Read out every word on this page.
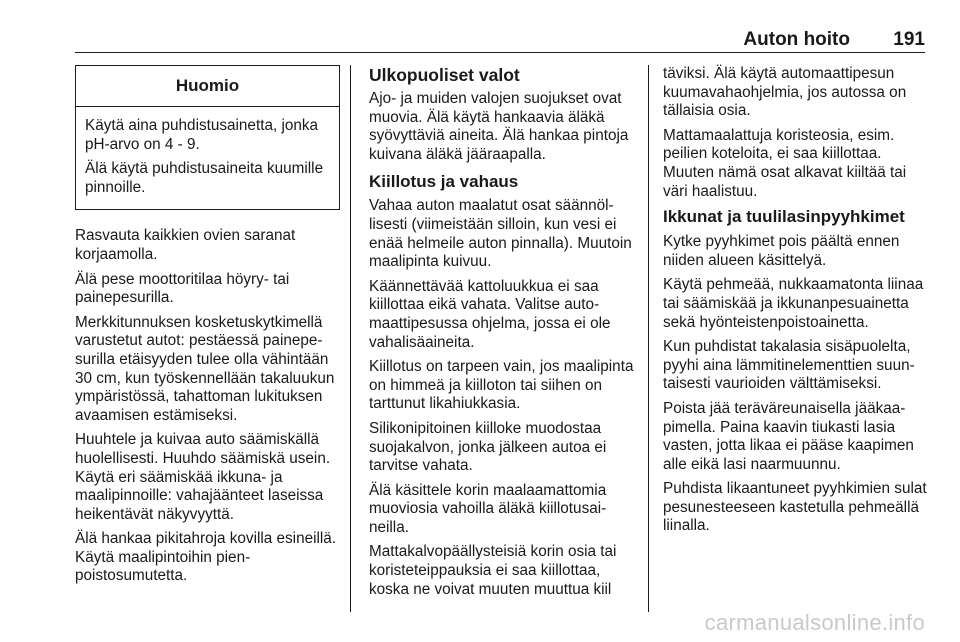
Auton hoito 191
Huomio

Käytä aina puhdistusainetta, jonka pH-arvo on 4 - 9.

Älä käytä puhdistusaineita kuumille pinnoille.

Rasvauta kaikkien ovien saranat korjaamolla.

Älä pese moottoritilaa höyry- tai painepesurilla.

Merkkitunnuksen kosketuskytkimellä varustetut autot: pestäessä painepesurilla etäisyyden tulee olla vähintään 30 cm, kun työskennellään takaluukun ympäristössä, tahattoman lukituksen avaamisen estämiseksi.

Huuhtele ja kuivaa auto säämiskällä huolellisesti. Huuhdo säämiskä usein. Käytä eri säämiskää ikkuna- ja maalipinnoille: vahajäänteet laseissa heikentävät näkyvyyttä.

Älä hankaa pikitahroja kovilla esineillä. Käytä maalipintoihin pienpoistosumutetta.

Ulkopuoliset valot

Ajo- ja muiden valojen suojukset ovat muovia. Älä käytä hankaavia äläkä syövyttäviä aineita. Älä hankaa pintoja kuivana äläkä jääraapalla.

Kiillotus ja vahaus

Vahaa auton maalatut osat säännöllisesti (viimeistään silloin, kun vesi ei enää helmeile auton pinnalla). Muutoin maalipinta kuivuu.

Käännettävää kattoluukkua ei saa kiillottaa eikä vahata. Valitse automaattipesussa ohjelma, jossa ei ole vahalisäaineita.

Kiillotus on tarpeen vain, jos maalipinta on himmeä ja kiilloton tai siihen on tarttunut likahiukkasia.

Silikonipitoinen kiilloke muodostaa suojakalvon, jonka jälkeen autoa ei tarvitse vahata.

Älä käsittele korin maalaamattomia muoviosia vahoilla äläkä kiillotusaineilla.

Mattakalvopäällysteisiä korin osia tai koristeteippauksia ei saa kiillottaa, koska ne voivat muuten muuttua kiil

täviksi. Älä käytä automaattipesun kuumavahaohjelmia, jos autossa on tällaisia osia.

Mattamaalattuja koristeosia, esim. peilien koteloita, ei saa kiillottaa. Muuten nämä osat alkavat kiiltää tai väri haalistuu.

Ikkunat ja tuulilasinpyyhkimet

Kytke pyyhkimet pois päältä ennen niiden alueen käsittelyä.

Käytä pehmeää, nukkaamatonta liinaa tai säämiskää ja ikkunanpesuainetta sekä hyönteistenpoistoainetta.

Kun puhdistat takalasia sisäpuolelta, pyyhi aina lämmitinelementtien suuntaisesti vaurioiden välttämiseksi.

Poista jää teräväreunaisella jääkaapimella. Paina kaavin tiukasti lasia vasten, jotta likaa ei pääse kaapimen alle eikä lasi naarmuunnu.

Puhdista likaantuneet pyyhkimien sulat pesunesteeseen kastetulla pehmeällä liinalla.

carmanualsonline.info
